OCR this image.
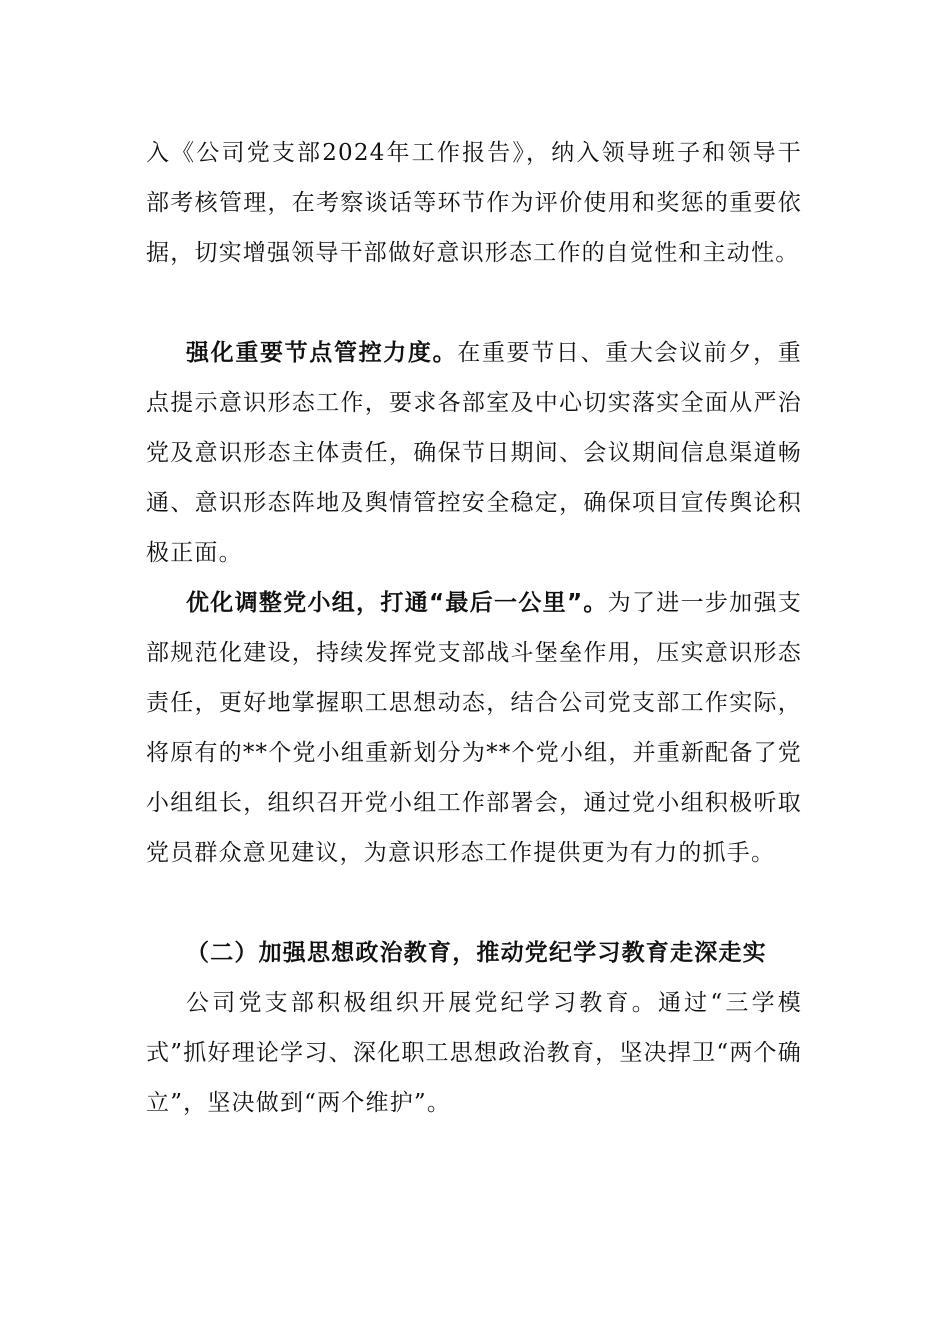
入《公司党支部2024年工作报告》，纳入领导班子和领导干部考核管理，在考察谈话等环节作为评价使用和奖惩的重要依据，切实增强领导干部做好意识形态工作的自觉性和主动性。

强化重要节点管控力度。在重要节日、重大会议前夕，重点提示意识形态工作，要求各部室及中心切实落实全面从严治党及意识形态主体责任，确保节日期间、会议期间信息渠道畅通、意识形态阵地及舆情管控安全稳定，确保项目宣传舆论积极正面。

优化调整党小组，打通“最后一公里”。为了进一步加强支部规范化建设，持续发挥党支部战斗堡垒作用，压实意识形态责任，更好地掌握职工思想动态，结合公司党支部工作实际，将原有的**个党小组重新划分为**个党小组，并重新配备了党小组组长，组织召开党小组工作部署会，通过党小组积极听取党员群众意见建议，为意识形态工作提供更为有力的抓手。

（二）加强思想政治教育，推动党纪学习教育走深走实

公司党支部积极组织开展党纪学习教育。通过“三学模式”抓好理论学习、深化职工思想政治教育，坚决捍卫“两个确立”，坚决做到“两个维护”。
